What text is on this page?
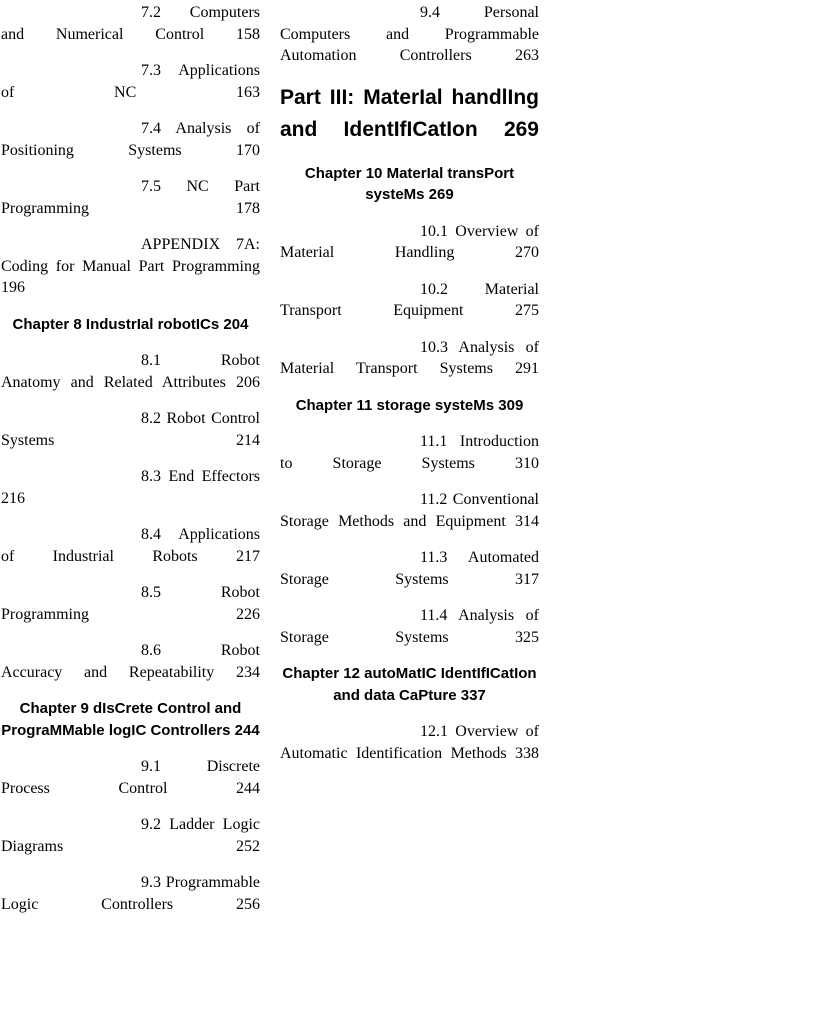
7.2 Computers and Numerical Control 158

7.3 Applications of NC	163

7.4 Analysis of Positioning Systems	170

7.5 NC Part Programming	178

APPENDIX 7A: Coding for Manual Part Programming 196

Chapter 8 IndustrIal robotICs 204

8.1 Robot Anatomy and Related Attributes 206

8.2 Robot Control Systems	214

8.3 End Effectors 216

8.4 Applications of Industrial Robots 217

8.5 Robot Programming	226

8.6 Robot Accuracy and Repeatability 234

Chapter 9 dIsCrete Control and PrograMMable logIC Controllers 244

9.1 Discrete Process Control	244

9.2 Ladder Logic Diagrams	252

9.3 Programmable Logic Controllers	256

9.4 Personal Computers and Programmable Automation Controllers	263

Part III: MaterIal handlIng and IdentIfICatIon 269

Chapter 10 MaterIal transPort systeMs 269

10.1 Overview of Material Handling	270

10.2 Material Transport Equipment	275

10.3 Analysis of Material Transport Systems 291

Chapter 11 storage systeMs 309

11.1 Introduction to Storage Systems	310

11.2 Conventional Storage Methods and Equipment 314

11.3 Automated Storage Systems	317

11.4 Analysis of Storage Systems	325

Chapter 12 autoMatIC IdentIfICatIon and data CaPture 337

12.1 Overview of Automatic Identification Methods 338
